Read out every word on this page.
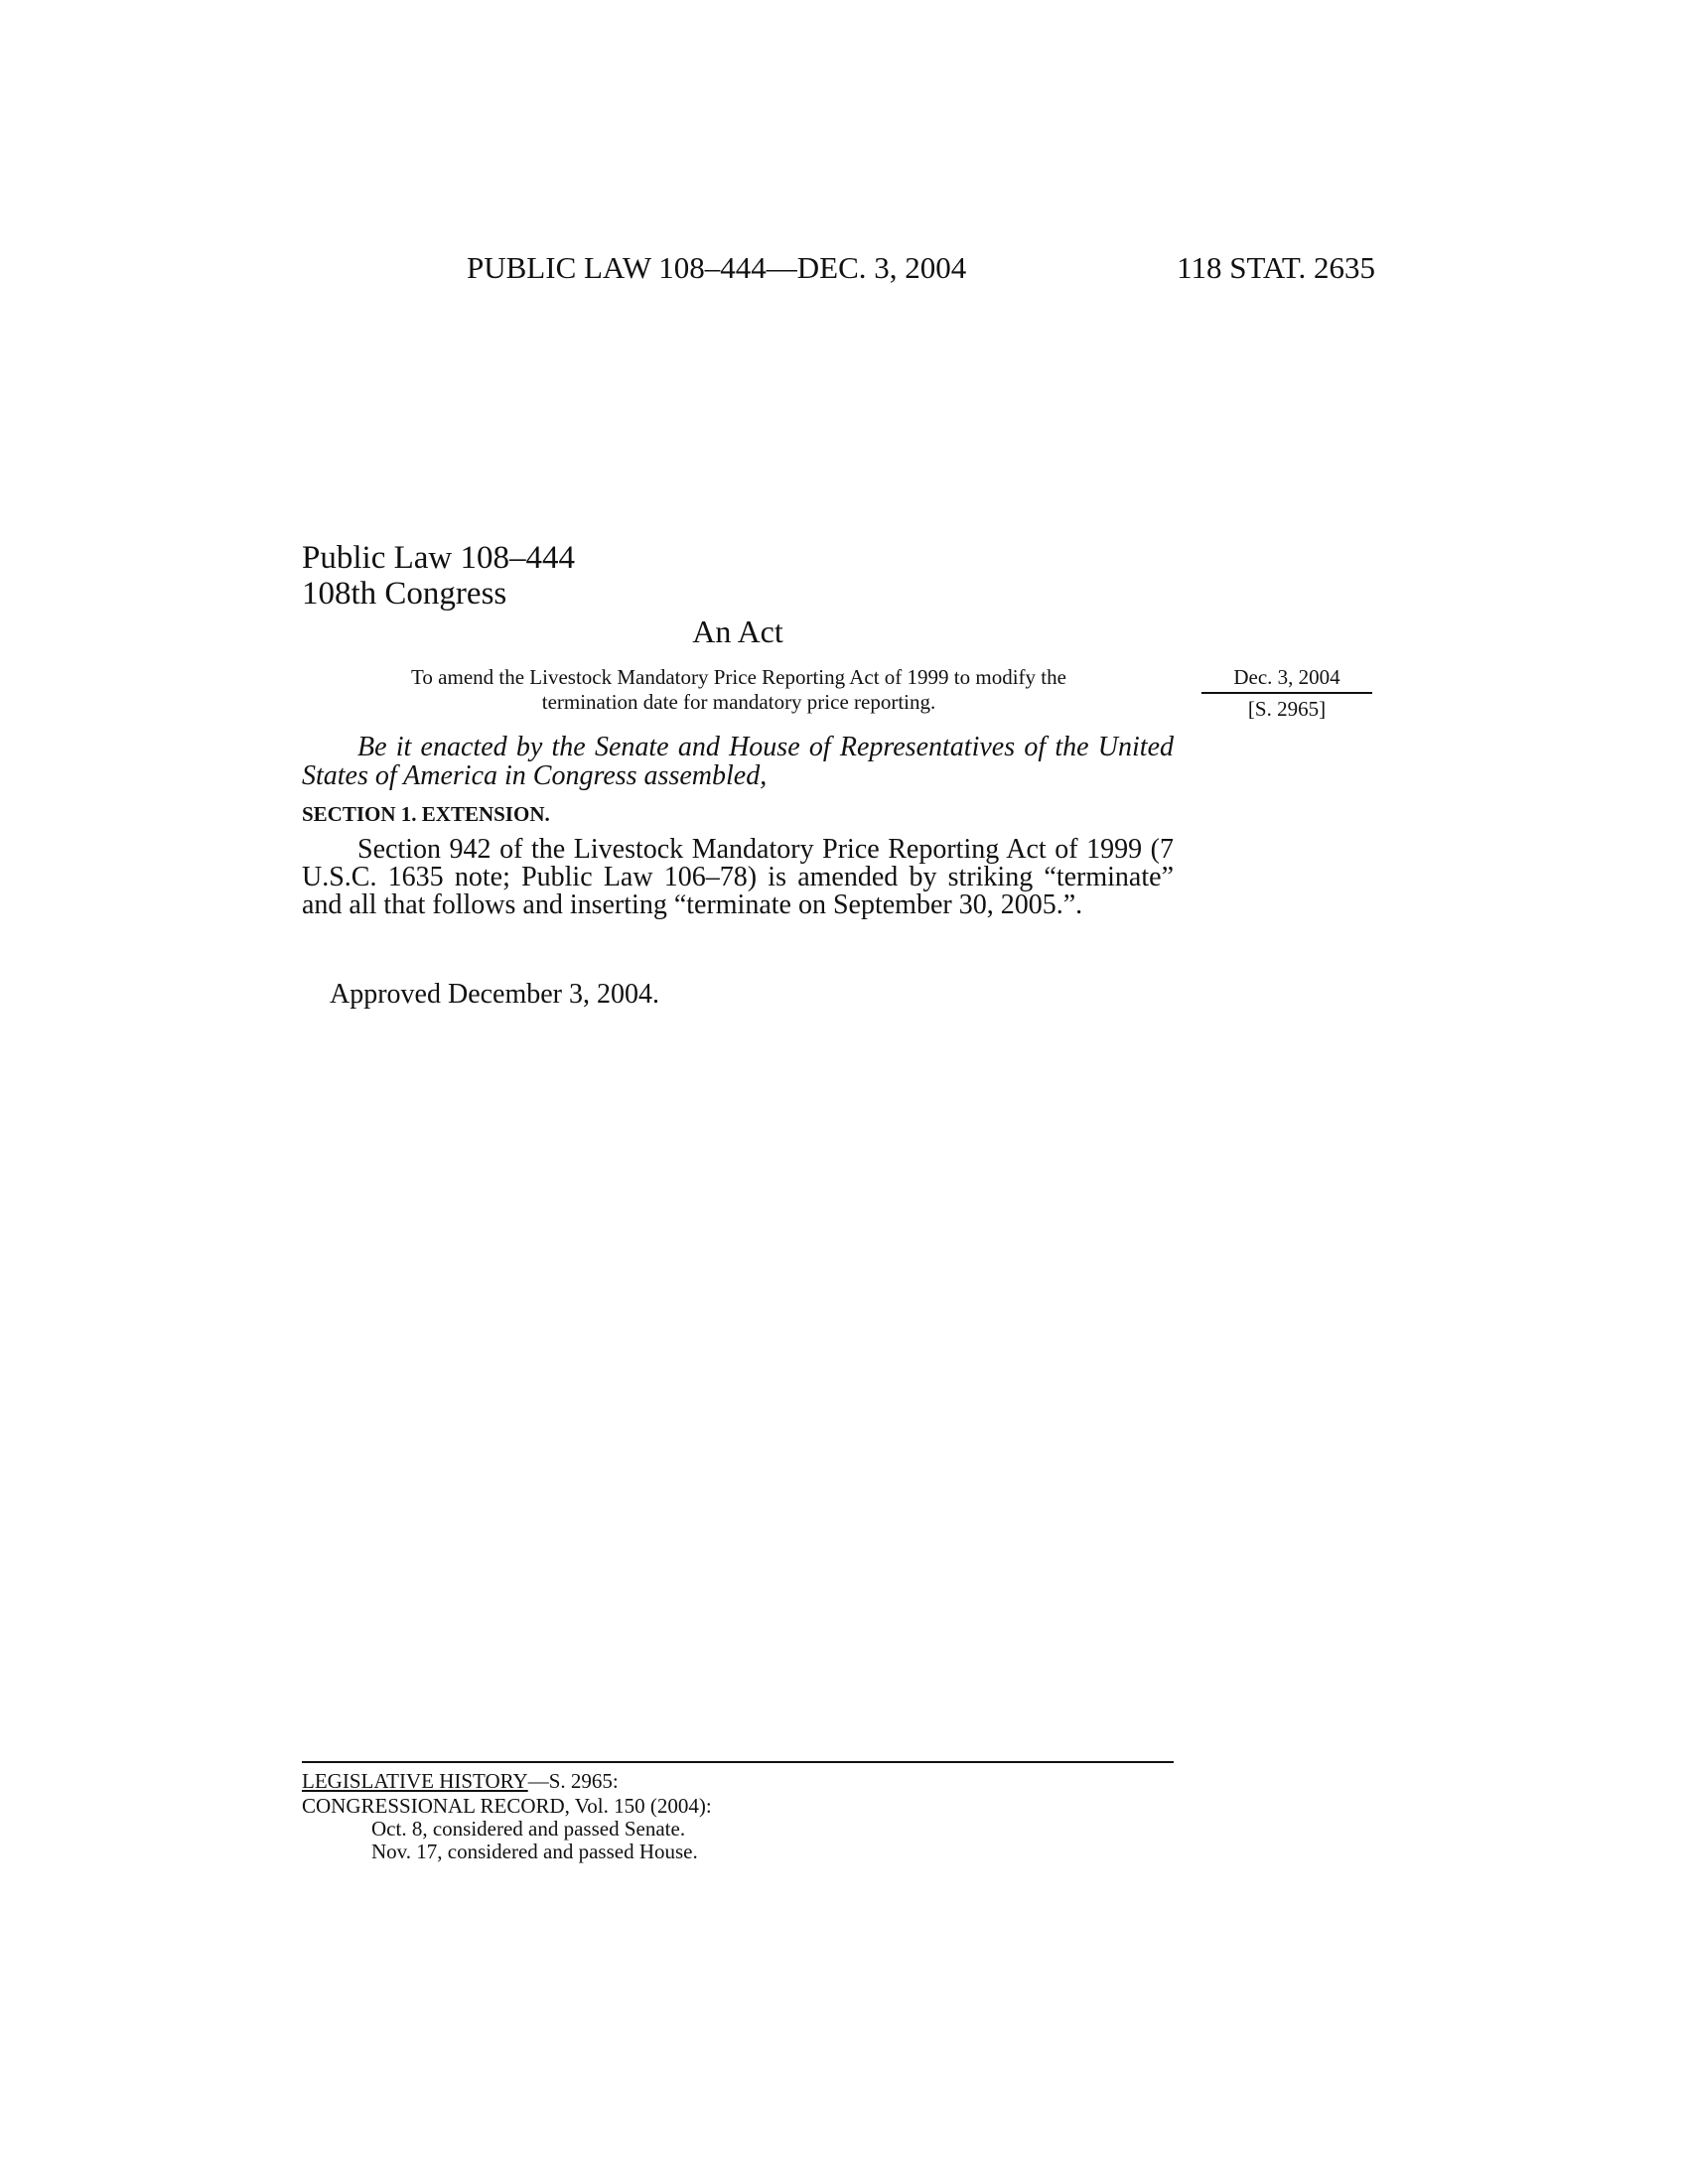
PUBLIC LAW 108–444—DEC. 3, 2004	118 STAT. 2635
Public Law 108–444
108th Congress
An Act
To amend the Livestock Mandatory Price Reporting Act of 1999 to modify the
termination date for mandatory price reporting.
Dec. 3, 2004
[S. 2965]

Be it enacted by the Senate and House of Representatives of the United States of America in Congress assembled,

SECTION 1. EXTENSION.

Section 942 of the Livestock Mandatory Price Reporting Act of 1999 (7 U.S.C. 1635 note; Public Law 106–78) is amended by striking “terminate” and all that follows and inserting “terminate on September 30, 2005.”.

Approved December 3, 2004.
LEGISLATIVE HISTORY—S. 2965:
CONGRESSIONAL RECORD, Vol. 150 (2004):
Oct. 8, considered and passed Senate.
Nov. 17, considered and passed House.
